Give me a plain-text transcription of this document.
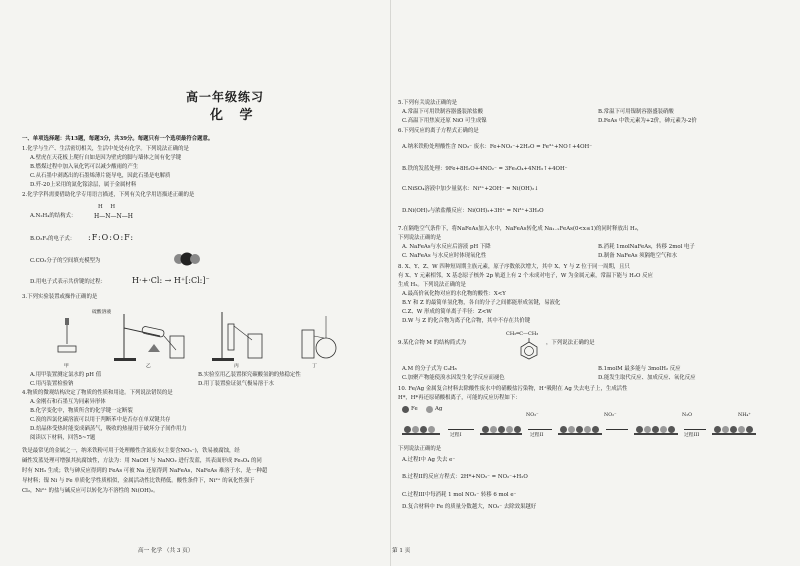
高一年级练习
化 学
一、单项选择题：共13题，每题3分，共39分。每题只有一个选项最符合题意。
1.化学与生产、生活密切相关，生活中处处有化学。下列说法正确的是
A.壁虎在天花板上爬行自如是因为壁虎的脚与墙体之间有化学键
B.燃煤过程中加入氧化钙可以减少酸雨的产生
C.从石墨中剥离出的石墨烯薄片能导电，因此石墨是电解质
D.歼-20上采用的氮化镓涂层，属于金属材料
2.化学学科需要借助化学专用语言描述，下列有关化学用语描述正确的是
H H
A.N₂H₄的结构式：	H—N—N—H
B.O₂F₂的电子式： :F:O:O:F:
C.CO₂分子的空间填充模型为
D.用电子式表示共价键的过程：	H·+·Cl: → H⁺[:Cl:]⁻
3.下列实验装置或操作正确的是
硫酸溶液
甲	乙	丙	丁
A.用甲装置测定氯水的 pH 值	B.实验室用乙装置探究碳酸氢钠的热稳定性
C.用丙装置检验钠	D.用丁装置验证氨气极易溶于水
4.物质的微观结构决定了物质的性质和用途。下列说法错误的是
A.金刚石和石墨互为同素异形体
B.化学变化中，物质所含的化学键一定断裂
C.溴的四氯化碳溶液可以用于判断苯中是否存在单双键共存
D.焙晶体受热时能变成硒蒸气，吸收的热量用于破坏分子间作用力
阅读以下材料，回答5~7题
铁是最常见的金属之一，纳米铁粉可用于处理酸性含氮废水(主要含NO₃⁻)，铁易被腐蚀，经
碱性发蓝处理可增强其抗腐蚀性，方法为：用 NaOH 与 NaNO₂ 进行发蓝，其表面形成 Fe₃O₄ 的同
时有 NH₃ 生成；铁与砷反应得到的 FeAs 可被 Na 还原得到 NaFeAs，NaFeAs 难溶于水，是一种超
导材料；镍 Ni 与 Fe 单质化学性质相似，金属活动性比铁稍低。酸性条件下，Ni²⁺ 的氧化性强于
Cl₂，Ni²⁺ 的盐与碱反应可以转化为不溶性的 Ni(OH)₂。
高一 化学 （共 3 页）
5.下列有关说法正确的是
A.常温下可用铁制容器盛装浓盐酸	B.常温下可用镍制容器盛装硝酸
C.高温下用焦炭还原 NiO 可生成镍	D.FeAs 中铁元素为+2价，砷元素为-2价
6.下列反应的离子方程式正确的是
A.纳米铁粉处理酸性含 NO₃⁻ 废水：Fe+NO₃⁻+2H₂O = Fe³⁺+NO↑+4OH⁻
B.铁的发蓝处理：9Fe+8H₂O+4NO₂⁻ = 3Fe₃O₄+4NH₃↑+4OH⁻
C.NiSO₄溶液中加少量氨水：Ni²⁺+2OH⁻ = Ni(OH)₂↓
D.Ni(OH)₂与浓盐酸反应：Ni(OH)₂+3H⁺ = Ni³⁺+3H₂O
7.在隔绝空气条件下，将NaFeAs加入水中，NaFeAs转化成 Na₁₋ₓFeAs(0<x≤1)的同时释放出 H₂，
下列说法正确的是
A. NaFeAs与水反应后溶液 pH 下降	B.消耗 1molNaFeAs，转移 2mol 电子
C. NaFeAs 与水反应时体现氧化性	D.制备 NaFeAs 须隔绝空气和水
8. X、Y、Z、W 四种短周期主族元素，原子序数依次增大，其中 X、Y 与 Z 位于同一周期，且只
有 X、Y 元素相邻，X 基态原子核外 2p 轨道上有 2 个未成对电子，W 为金属元素，常温下能与 H₂O 反应
生成 H₂。下列说法正确的是
A.最高价氧化物对应的水化物的酸性：X<Y
B.Y 和 Z 的最简单氢化物，各自的分子之间都能形成氢键，易液化
C.Z、W 形成的简单离子半径：Z<W
D.W 与 Z 的化合物为离子化合物，其中不存在共价键
9.某化合物 M 的结构简式为
CH₂═C—CH₃
，下列说法正确的是
A.M 的分子式为 C₉H₈	B.1molM 最多能与 3molH₂ 反应
C.加聚产物能使溴水因发生化学反应而褪色	D.能发生取代反应、加成反应、氧化反应
10. Fe/Ag 金属复合材料去除酸性废水中的硝酸盐污染物，H⁺吸附在 Ag 失去电子上，生成活性
H*，H*再还原硝酸根离子，可能的反应历程如下：
Fe	Ag
过程I
NO₃⁻
过程II
NO₂⁻	N₂O
过程III
NH₄⁺
下列说法正确的是
A.过程I中 Ag 失去 e⁻
B.过程II的反应方程式：2H*+NO₃⁻ = NO₂⁻+H₂O
C.过程III中每消耗 1 mol NO₂⁻ 转移 6 mol e⁻
D.复合材料中 Fe 的质量分数越大，NO₂⁻ 去除效果越好
第 1 页
